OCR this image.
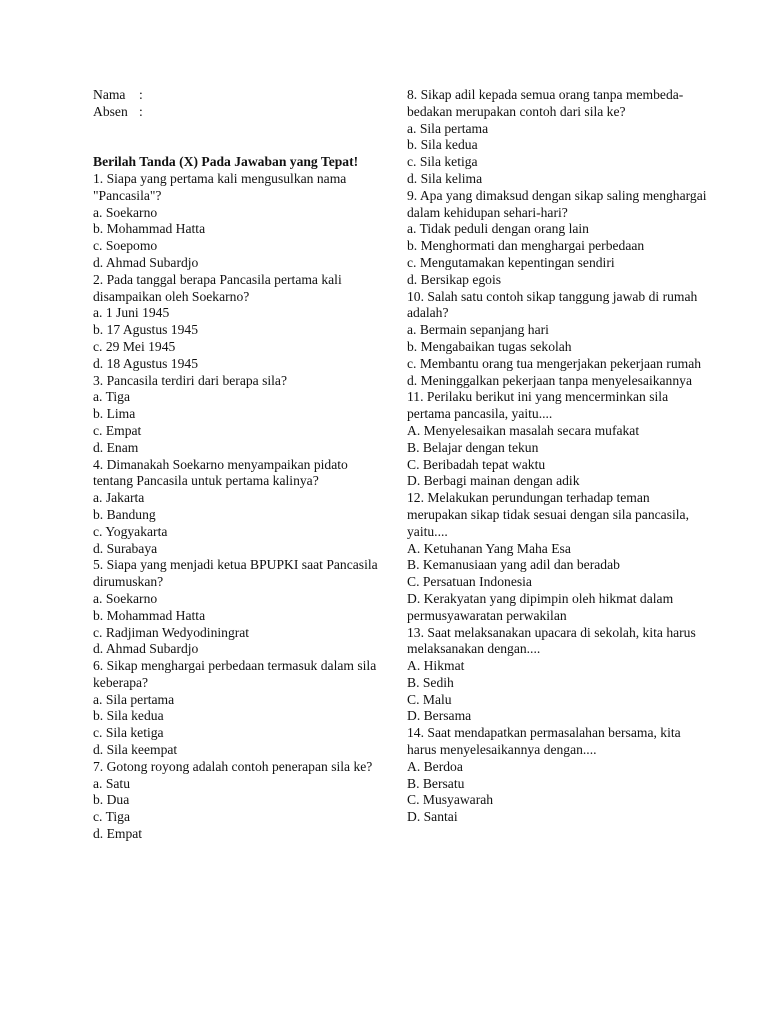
Nama :
Absen :
Berilah Tanda (X) Pada Jawaban yang Tepat!
1. Siapa yang pertama kali mengusulkan nama "Pancasila"?
a. Soekarno
b. Mohammad Hatta
c. Soepomo
d. Ahmad Subardjo
2. Pada tanggal berapa Pancasila pertama kali disampaikan oleh Soekarno?
a. 1 Juni 1945
b. 17 Agustus 1945
c. 29 Mei 1945
d. 18 Agustus 1945
3. Pancasila terdiri dari berapa sila?
a. Tiga
b. Lima
c. Empat
d. Enam
4. Dimanakah Soekarno menyampaikan pidato tentang Pancasila untuk pertama kalinya?
a. Jakarta
b. Bandung
c. Yogyakarta
d. Surabaya
5. Siapa yang menjadi ketua BPUPKI saat Pancasila dirumuskan?
a. Soekarno
b. Mohammad Hatta
c. Radjiman Wedyodiningrat
d. Ahmad Subardjo
6. Sikap menghargai perbedaan termasuk dalam sila keberapa?
a. Sila pertama
b. Sila kedua
c. Sila ketiga
d. Sila keempat
7. Gotong royong adalah contoh penerapan sila ke?
a. Satu
b. Dua
c. Tiga
d. Empat
8. Sikap adil kepada semua orang tanpa membeda- bedakan merupakan contoh dari sila ke?
a. Sila pertama
b. Sila kedua
c. Sila ketiga
d. Sila kelima
9. Apa yang dimaksud dengan sikap saling menghargai dalam kehidupan sehari-hari?
a. Tidak peduli dengan orang lain
b. Menghormati dan menghargai perbedaan
c. Mengutamakan kepentingan sendiri
d. Bersikap egois
10. Salah satu contoh sikap tanggung jawab di rumah adalah?
a. Bermain sepanjang hari
b. Mengabaikan tugas sekolah
c. Membantu orang tua mengerjakan pekerjaan rumah
d. Meninggalkan pekerjaan tanpa menyelesaikannya
11. Perilaku berikut ini yang mencerminkan sila pertama pancasila, yaitu....
A. Menyelesaikan masalah secara mufakat
B. Belajar dengan tekun
C. Beribadah tepat waktu
D. Berbagi mainan dengan adik
12. Melakukan perundungan terhadap teman merupakan sikap tidak sesuai dengan sila pancasila, yaitu....
A. Ketuhanan Yang Maha Esa
B. Kemanusiaan yang adil dan beradab
C. Persatuan Indonesia
D. Kerakyatan yang dipimpin oleh hikmat dalam permusyawaratan perwakilan
13. Saat melaksanakan upacara di sekolah, kita harus melaksanakan dengan....
A. Hikmat
B. Sedih
C. Malu
D. Bersama
14. Saat mendapatkan permasalahan bersama, kita harus menyelesaikannya dengan....
A. Berdoa
B. Bersatu
C. Musyawarah
D. Santai
